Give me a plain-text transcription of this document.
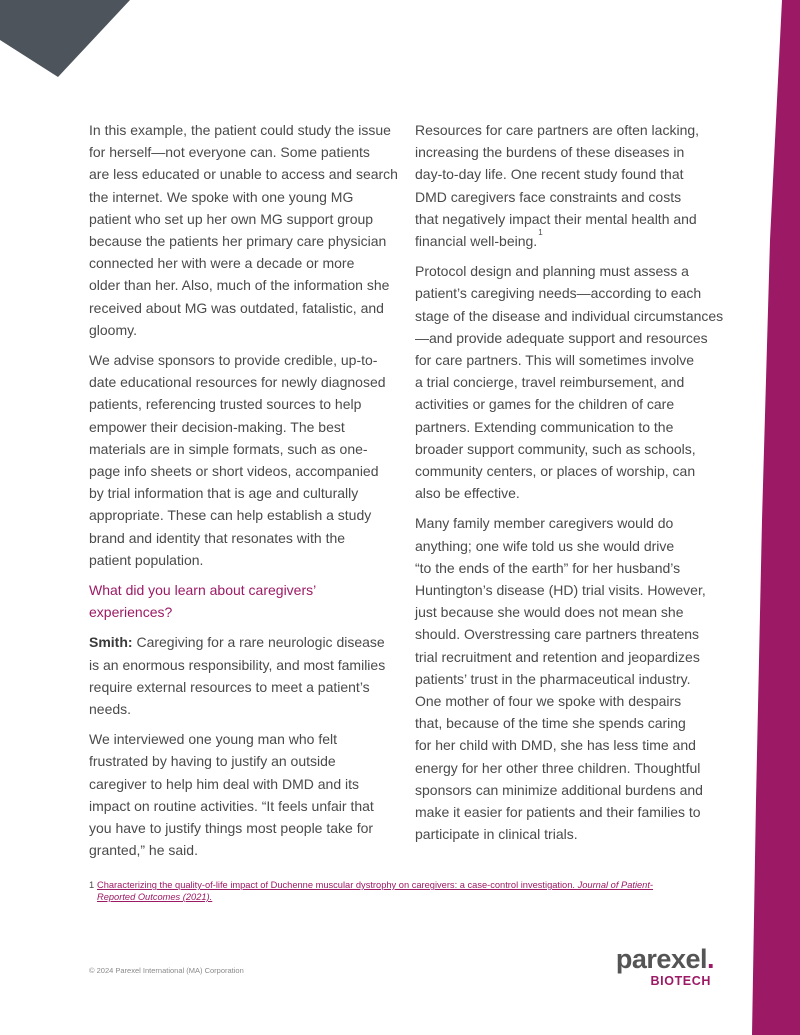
In this example, the patient could study the issue
for herself—not everyone can. Some patients
are less educated or unable to access and search
the internet. We spoke with one young MG
patient who set up her own MG support group
because the patients her primary care physician
connected her with were a decade or more
older than her. Also, much of the information she
received about MG was outdated, fatalistic, and
gloomy.

We advise sponsors to provide credible, up-to-
date educational resources for newly diagnosed
patients, referencing trusted sources to help
empower their decision-making. The best
materials are in simple formats, such as one-
page info sheets or short videos, accompanied
by trial information that is age and culturally
appropriate. These can help establish a study
brand and identity that resonates with the
patient population.

What did you learn about caregivers’
experiences?

Smith: Caregiving for a rare neurologic disease
is an enormous responsibility, and most families
require external resources to meet a patient’s
needs.

We interviewed one young man who felt
frustrated by having to justify an outside
caregiver to help him deal with DMD and its
impact on routine activities. “It feels unfair that
you have to justify things most people take for
granted,” he said.

Resources for care partners are often lacking,
increasing the burdens of these diseases in
day-to-day life. One recent study found that
DMD caregivers face constraints and costs
that negatively impact their mental health and
financial well-being.$^1$

Protocol design and planning must assess a
patient’s caregiving needs—according to each
stage of the disease and individual circumstances
—and provide adequate support and resources
for care partners. This will sometimes involve
a trial concierge, travel reimbursement, and
activities or games for the children of care
partners. Extending communication to the
broader support community, such as schools,
community centers, or places of worship, can
also be effective.

Many family member caregivers would do
anything; one wife told us she would drive
“to the ends of the earth” for her husband’s
Huntington’s disease (HD) trial visits. However,
just because she would does not mean she
should. Overstressing care partners threatens
trial recruitment and retention and jeopardizes
patients’ trust in the pharmaceutical industry.
One mother of four we spoke with despairs
that, because of the time she spends caring
for her child with DMD, she has less time and
energy for her other three children. Thoughtful
sponsors can minimize additional burdens and
make it easier for patients and their families to
participate in clinical trials.

1 Characterizing the quality-of-life impact of Duchenne muscular dystrophy on caregivers: a case-control investigation. Journal of Patient-
Reported Outcomes (2021).
© 2024 Parexel International (MA) Corporation	parexel.
BIOTECH
